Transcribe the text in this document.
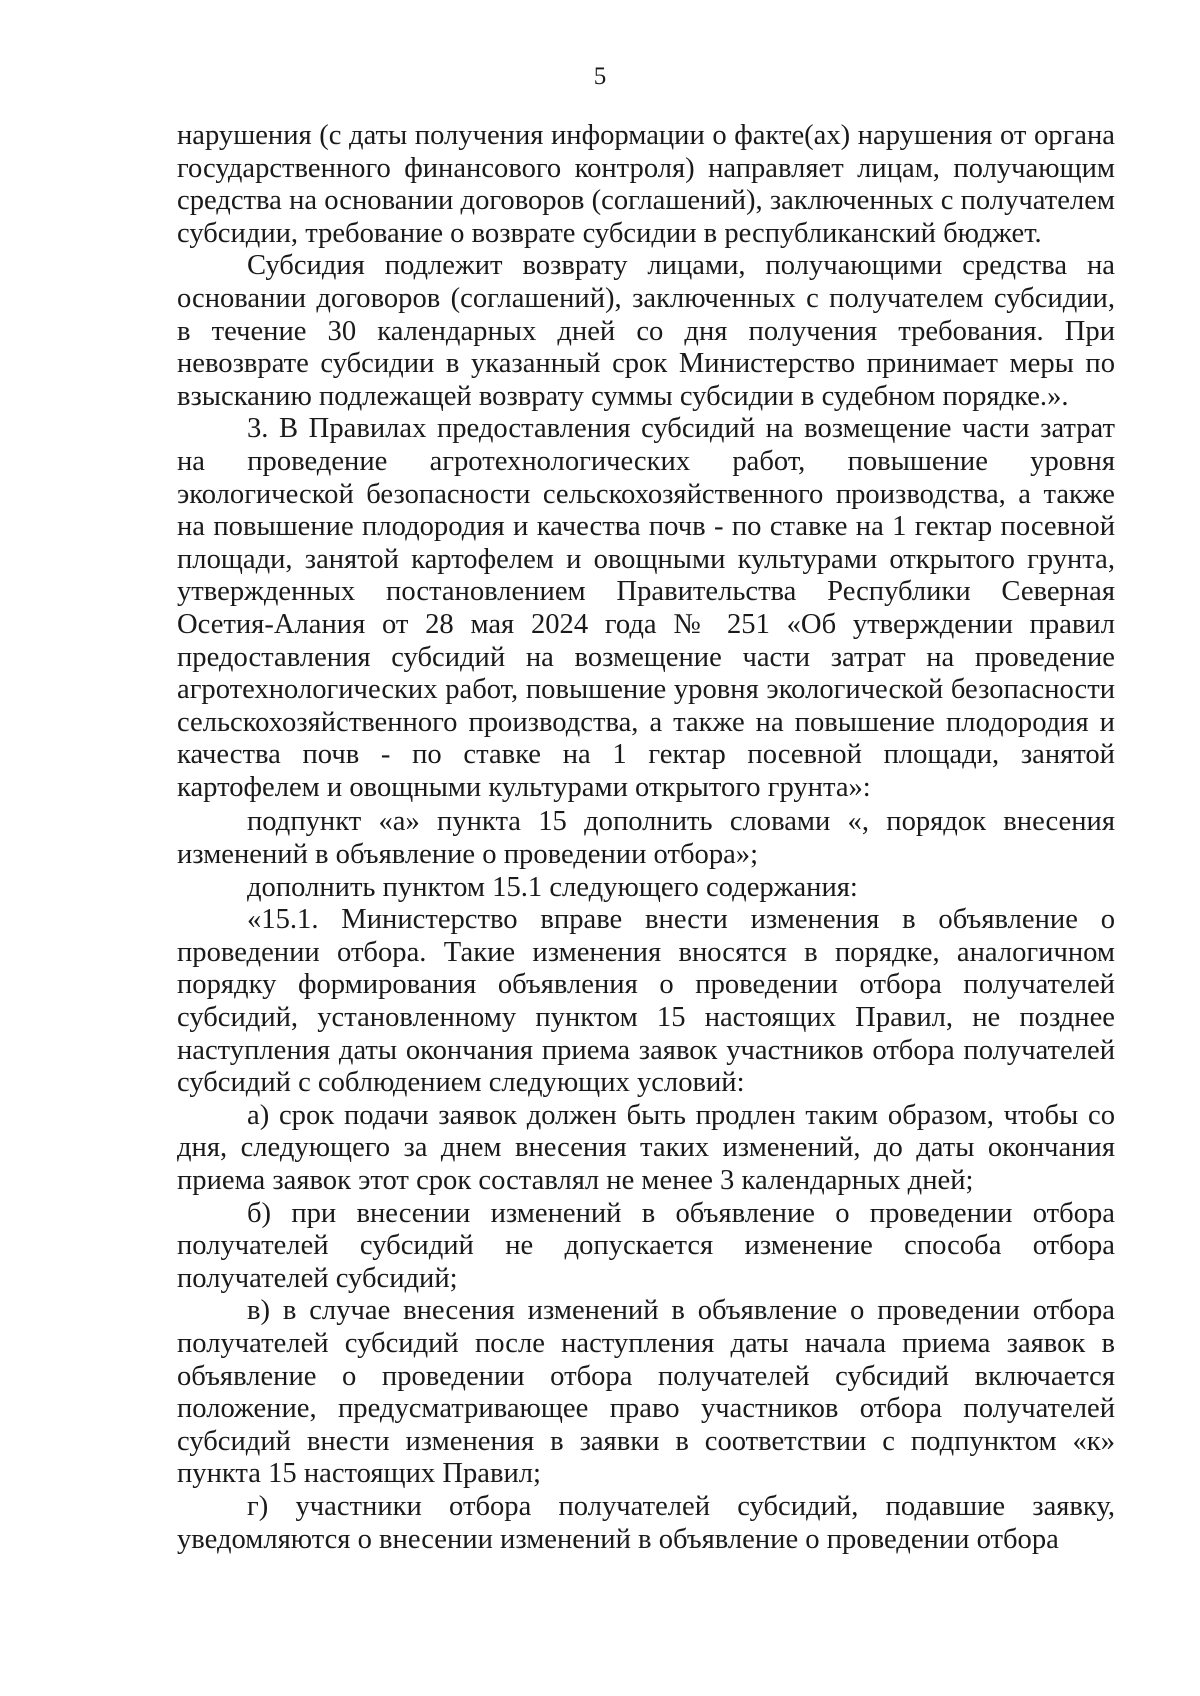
5

нарушения (с даты получения информации о факте(ах) нарушения от органа государственного финансового контроля) направляет лицам, получающим средства на основании договоров (соглашений), заключенных с получателем субсидии, требование о возврате субсидии в республиканский бюджет.

Субсидия подлежит возврату лицами, получающими средства на основании договоров (соглашений), заключенных с получателем субсидии, в течение 30 календарных дней со дня получения требования. При невозврате субсидии в указанный срок Министерство принимает меры по взысканию подлежащей возврату суммы субсидии в судебном порядке.».

3. В Правилах предоставления субсидий на возмещение части затрат на проведение агротехнологических работ, повышение уровня экологической безопасности сельскохозяйственного производства, а также на повышение плодородия и качества почв - по ставке на 1 гектар посевной площади, занятой картофелем и овощными культурами открытого грунта, утвержденных постановлением Правительства Республики Северная Осетия-Алания от 28 мая 2024 года № 251 «Об утверждении правил предоставления субсидий на возмещение части затрат на проведение агротехнологических работ, повышение уровня экологической безопасности сельскохозяйственного производства, а также на повышение плодородия и качества почв - по ставке на 1 гектар посевной площади, занятой картофелем и овощными культурами открытого грунта»:

подпункт «а» пункта 15 дополнить словами «, порядок внесения изменений в объявление о проведении отбора»;

дополнить пунктом 15.1 следующего содержания:

«15.1. Министерство вправе внести изменения в объявление о проведении отбора. Такие изменения вносятся в порядке, аналогичном порядку формирования объявления о проведении отбора получателей субсидий, установленному пунктом 15 настоящих Правил, не позднее наступления даты окончания приема заявок участников отбора получателей субсидий с соблюдением следующих условий:

а) срок подачи заявок должен быть продлен таким образом, чтобы со дня, следующего за днем внесения таких изменений, до даты окончания приема заявок этот срок составлял не менее 3 календарных дней;

б) при внесении изменений в объявление о проведении отбора получателей субсидий не допускается изменение способа отбора получателей субсидий;

в) в случае внесения изменений в объявление о проведении отбора получателей субсидий после наступления даты начала приема заявок в объявление о проведении отбора получателей субсидий включается положение, предусматривающее право участников отбора получателей субсидий внести изменения в заявки в соответствии с подпунктом «к» пункта 15 настоящих Правил;

г) участники отбора получателей субсидий, подавшие заявку, уведомляются о внесении изменений в объявление о проведении отбора
